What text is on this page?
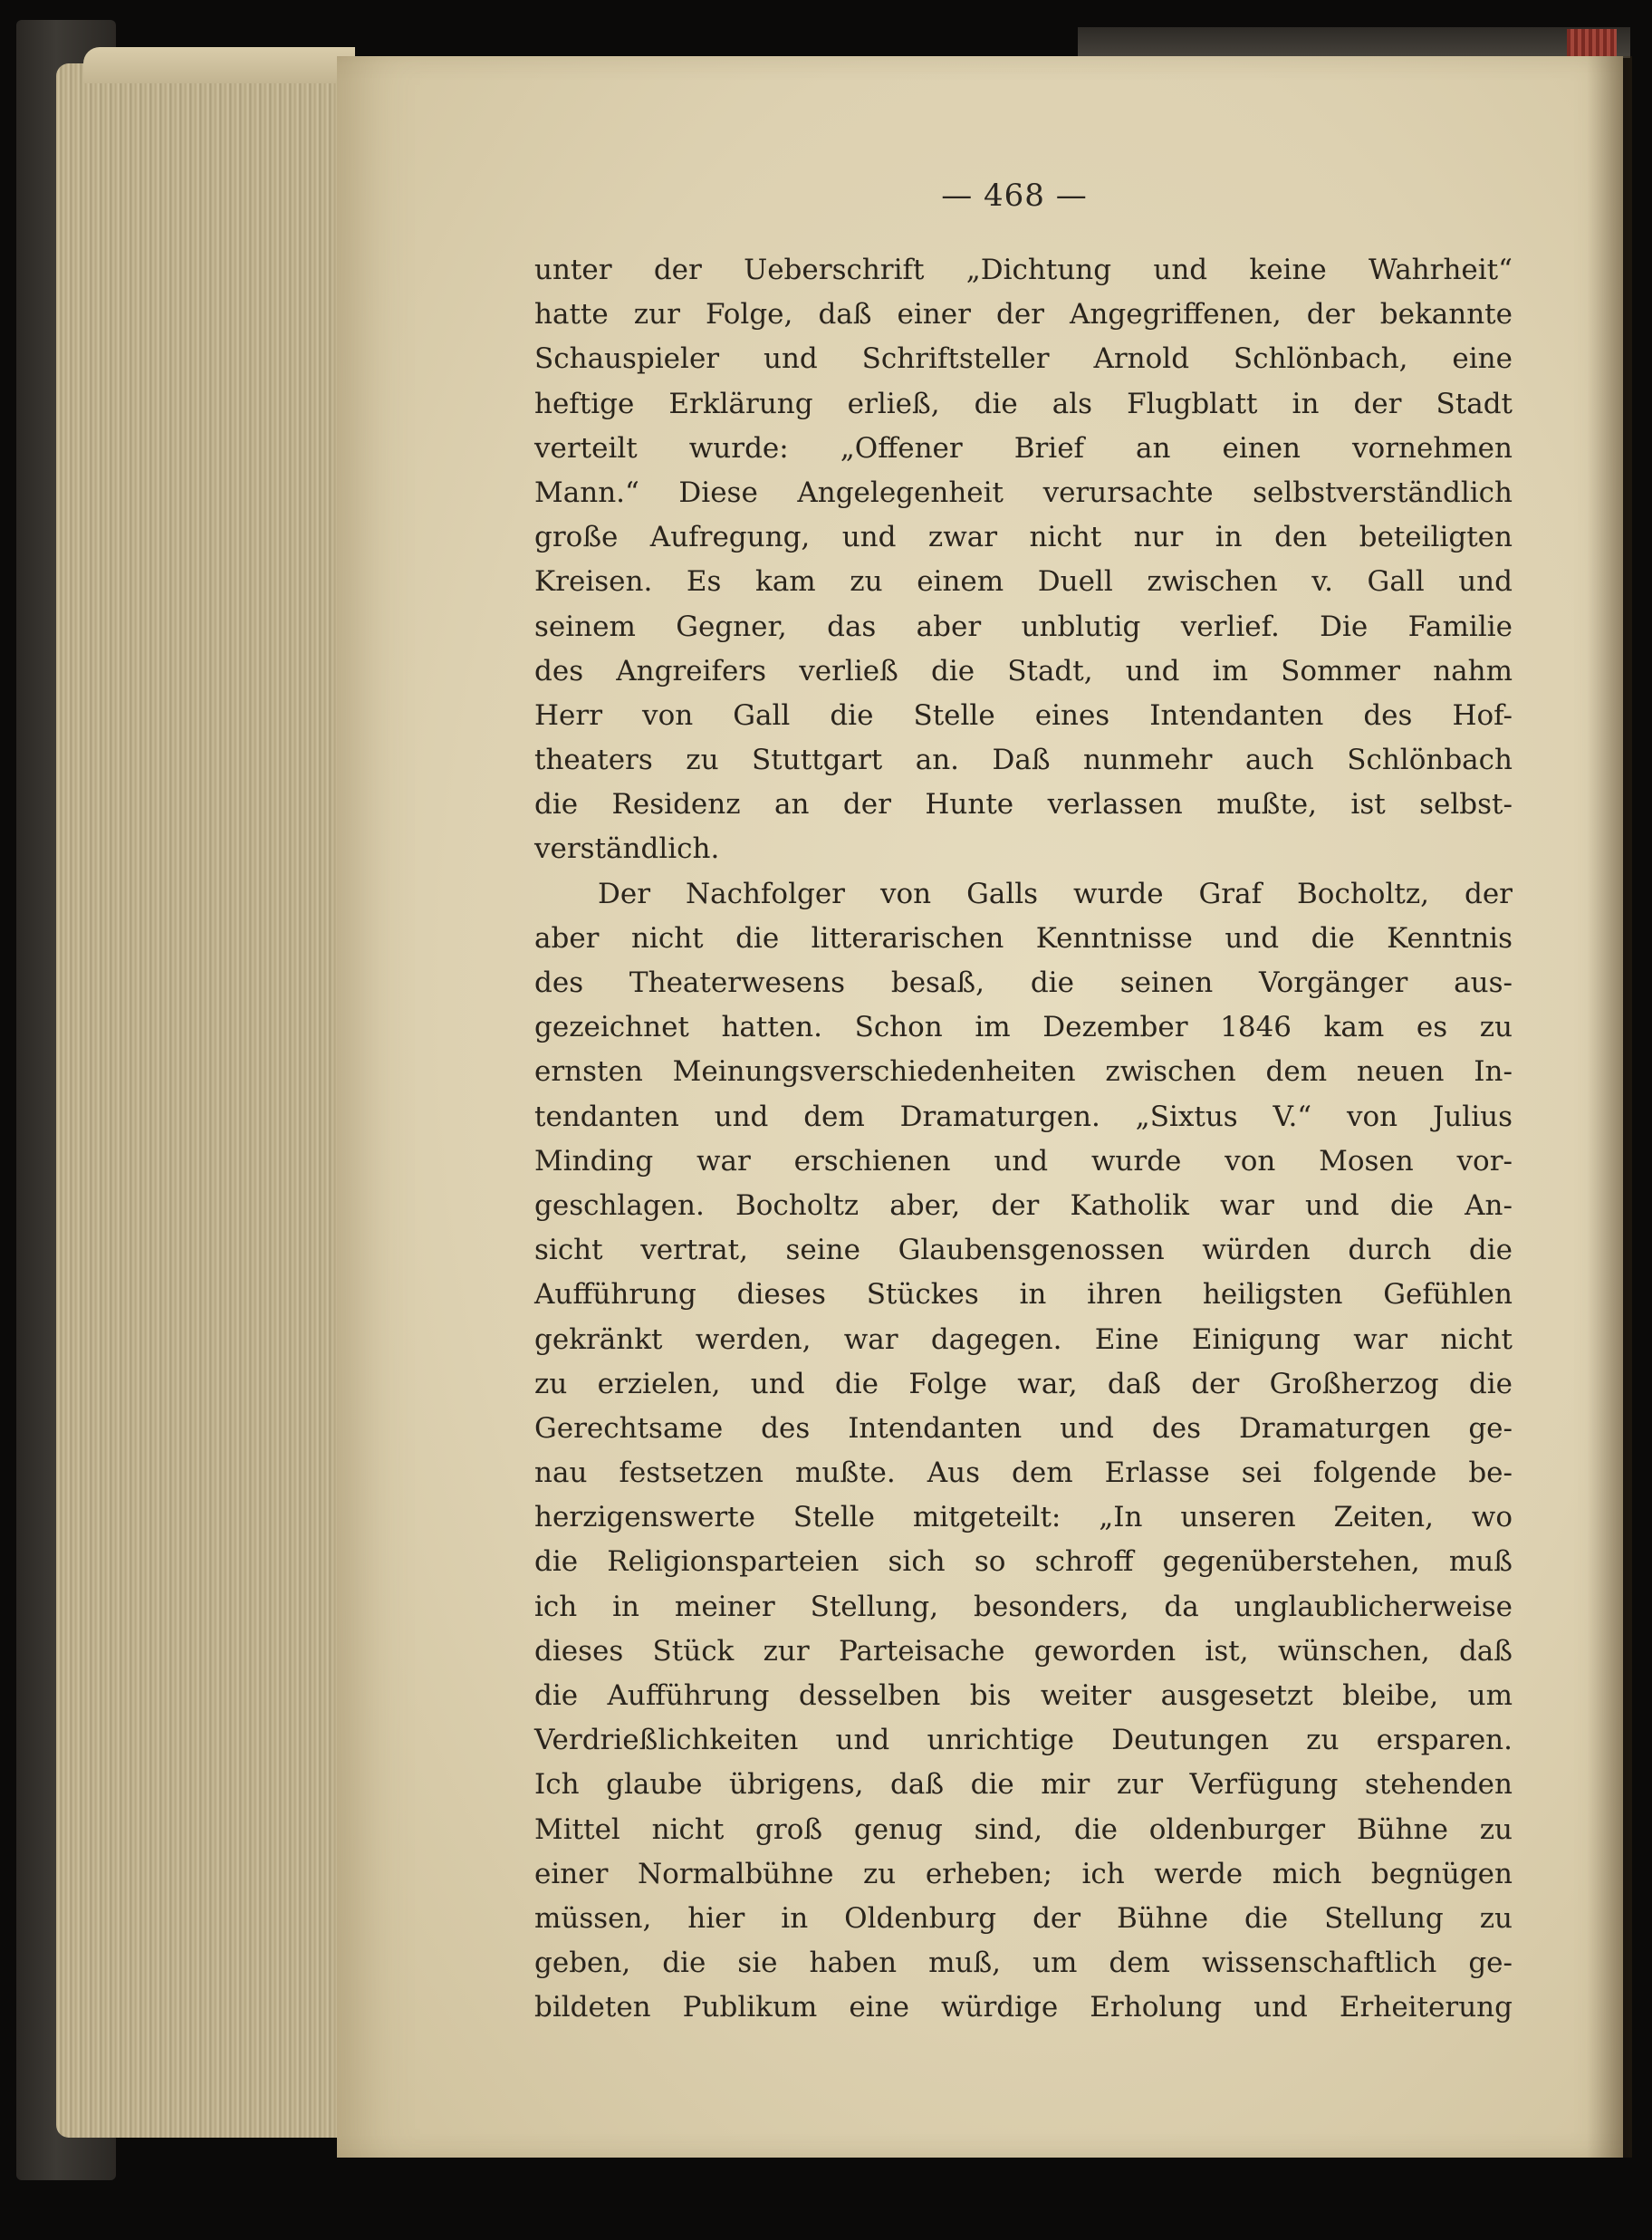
— 468 —
unter der Ueberschrift „Dichtung und keine Wahrheit“
hatte zur Folge, daß einer der Angegriffenen, der bekannte
Schauspieler und Schriftsteller Arnold Schlönbach, eine
heftige Erklärung erließ, die als Flugblatt in der Stadt
verteilt wurde: „Offener Brief an einen vornehmen
Mann.“ Diese Angelegenheit verursachte selbstverständlich
große Aufregung, und zwar nicht nur in den beteiligten
Kreisen. Es kam zu einem Duell zwischen v. Gall und
seinem Gegner, das aber unblutig verlief. Die Familie
des Angreifers verließ die Stadt, und im Sommer nahm
Herr von Gall die Stelle eines Intendanten des Hof-
theaters zu Stuttgart an. Daß nunmehr auch Schlönbach
die Residenz an der Hunte verlassen mußte, ist selbst-
verständlich.
Der Nachfolger von Galls wurde Graf Bocholtz, der
aber nicht die litterarischen Kenntnisse und die Kenntnis
des Theaterwesens besaß, die seinen Vorgänger aus-
gezeichnet hatten. Schon im Dezember 1846 kam es zu
ernsten Meinungsverschiedenheiten zwischen dem neuen In-
tendanten und dem Dramaturgen. „Sixtus V.“ von Julius
Minding war erschienen und wurde von Mosen vor-
geschlagen. Bocholtz aber, der Katholik war und die An-
sicht vertrat, seine Glaubensgenossen würden durch die
Aufführung dieses Stückes in ihren heiligsten Gefühlen
gekränkt werden, war dagegen. Eine Einigung war nicht
zu erzielen, und die Folge war, daß der Großherzog die
Gerechtsame des Intendanten und des Dramaturgen ge-
nau festsetzen mußte. Aus dem Erlasse sei folgende be-
herzigenswerte Stelle mitgeteilt: „In unseren Zeiten, wo
die Religionsparteien sich so schroff gegenüberstehen, muß
ich in meiner Stellung, besonders, da unglaublicherweise
dieses Stück zur Parteisache geworden ist, wünschen, daß
die Aufführung desselben bis weiter ausgesetzt bleibe, um
Verdrießlichkeiten und unrichtige Deutungen zu ersparen.
Ich glaube übrigens, daß die mir zur Verfügung stehenden
Mittel nicht groß genug sind, die oldenburger Bühne zu
einer Normalbühne zu erheben; ich werde mich begnügen
müssen, hier in Oldenburg der Bühne die Stellung zu
geben, die sie haben muß, um dem wissenschaftlich ge-
bildeten Publikum eine würdige Erholung und Erheiterung
